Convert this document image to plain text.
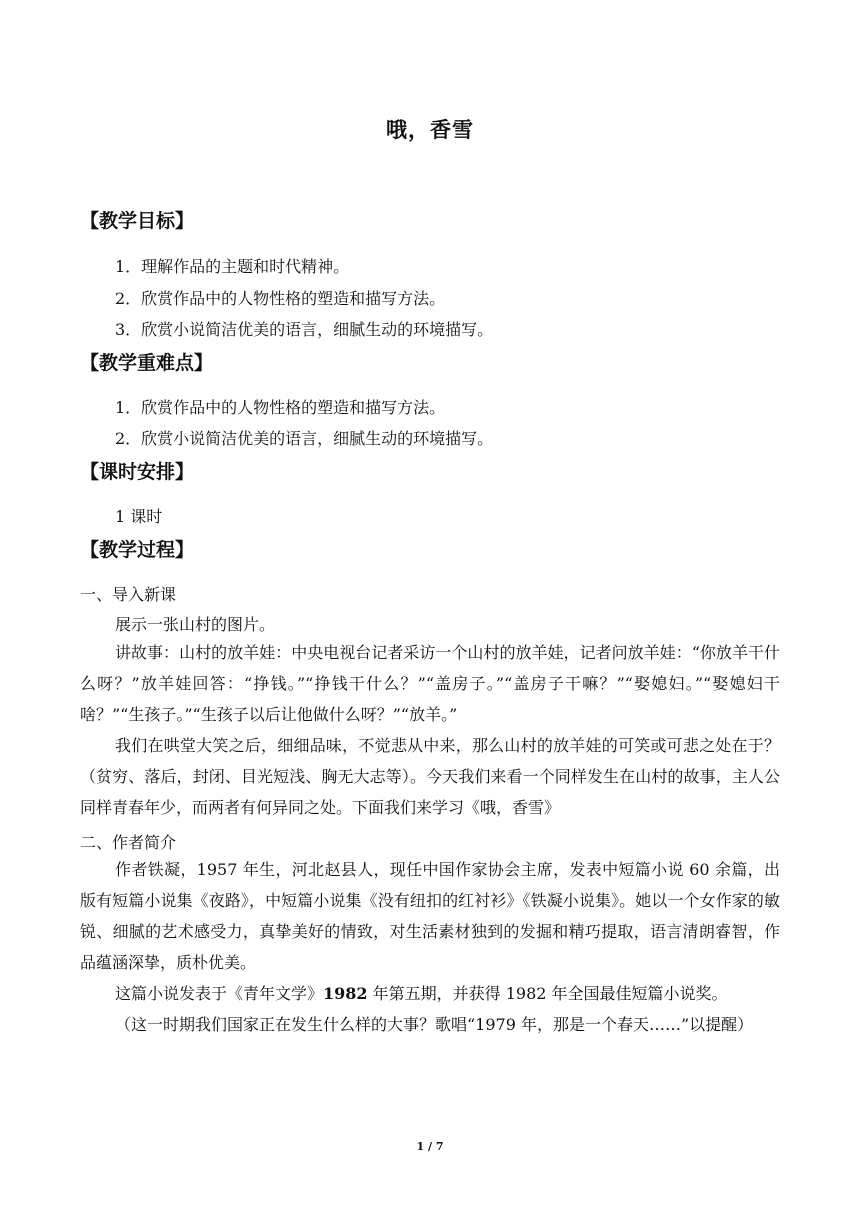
哦，香雪
【教学目标】
1．理解作品的主题和时代精神。
2．欣赏作品中的人物性格的塑造和描写方法。
3．欣赏小说简洁优美的语言，细腻生动的环境描写。
【教学重难点】
1．欣赏作品中的人物性格的塑造和描写方法。
2．欣赏小说简洁优美的语言，细腻生动的环境描写。
【课时安排】
1 课时
【教学过程】
一、导入新课
展示一张山村的图片。

讲故事：山村的放羊娃：中央电视台记者采访一个山村的放羊娃，记者问放羊娃：“你放羊干什么呀？”放羊娃回答：“挣钱。”“挣钱干什么？”“盖房子。”“盖房子干嘛？”“娶媳妇。”“娶媳妇干啥？”“生孩子。”“生孩子以后让他做什么呀？”“放羊。”

我们在哄堂大笑之后，细细品味，不觉悲从中来，那么山村的放羊娃的可笑或可悲之处在于？（贫穷、落后，封闭、目光短浅、胸无大志等）。今天我们来看一个同样发生在山村的故事，主人公同样青春年少，而两者有何异同之处。下面我们来学习《哦，香雪》

二、作者简介

作者铁凝，1957 年生，河北赵县人，现任中国作家协会主席，发表中短篇小说 60 余篇，出版有短篇小说集《夜路》，中短篇小说集《没有纽扣的红衬衫》《铁凝小说集》。她以一个女作家的敏锐、细腻的艺术感受力，真挚美好的情致，对生活素材独到的发掘和精巧提取，语言清朗睿智，作品蕴涵深挚，质朴优美。

这篇小说发表于《青年文学》1982 年第五期，并获得 1982 年全国最佳短篇小说奖。

（这一时期我们国家正在发生什么样的大事？歌唱“1979 年，那是一个春天……”以提醒）

1 / 7
